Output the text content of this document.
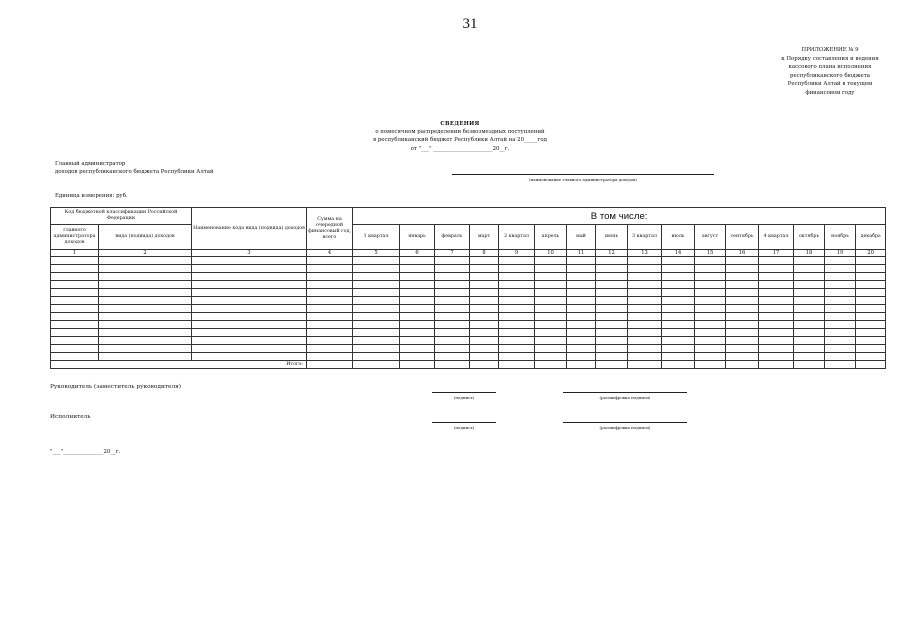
31
ПРИЛОЖЕНИЕ № 9
к Порядку составления и ведения
кассового плана исполнения
республиканского бюджета
Республики Алтай в текущем
финансовом году
СВЕДЕНИЯ
о помесячном распределении безвозмездных поступлений
в республиканский бюджет Республики Алтай на 20_____год
от "___" ______________________20__г.
Главный администратор
доходов республиканского бюджета Республики Алтай
(наименование главного администратора доходов)
Единица измерения: руб.
Код бюджетной классификации Российской Федерации		Наименование кода вида (подвида) доходов	Сумма на очередной финансовый год, всего	В том числе:															
главного администратора доходов	вида (подвида) доходов			1 квартал	январь	февраль	март	2 квартал	апрель	май	июнь	3 квартал	июль	август	сентябрь	4 квартал	октябрь	ноябрь	декабрь
1	2	3	4	5	6	7	8	9	10	11	12	13	14	15	16	17	18	19	20

Итого:																			
Руководитель (заместитель руководителя)
(подпись)	(расшифровка подписи)
Исполнитель
(подпись)	(расшифровка подписи)
"___"_______________20__г.
